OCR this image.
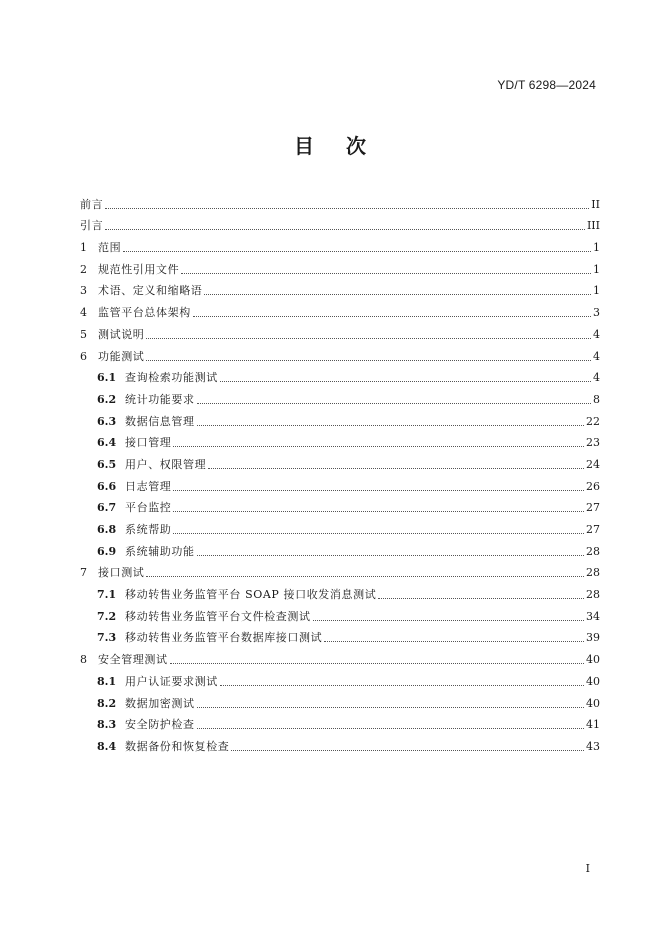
YD/T 6298—2024
目 次
前言	II
引言	III
1	范围	1
2	规范性引用文件	1
3	术语、定义和缩略语	1
4	监管平台总体架构	3
5	测试说明	4
6	功能测试	4
6.1 查询检索功能测试	4
6.2 统计功能要求	8
6.3 数据信息管理	22
6.4 接口管理	23
6.5 用户、权限管理	24
6.6 日志管理	26
6.7 平台监控	27
6.8 系统帮助	27
6.9 系统辅助功能	28
7	接口测试	28
7.1 移动转售业务监管平台 SOAP 接口收发消息测试	28
7.2 移动转售业务监管平台文件检查测试	34
7.3 移动转售业务监管平台数据库接口测试	39
8	安全管理测试	40
8.1 用户认证要求测试	40
8.2 数据加密测试	40
8.3 安全防护检查	41
8.4 数据备份和恢复检查	43
I
